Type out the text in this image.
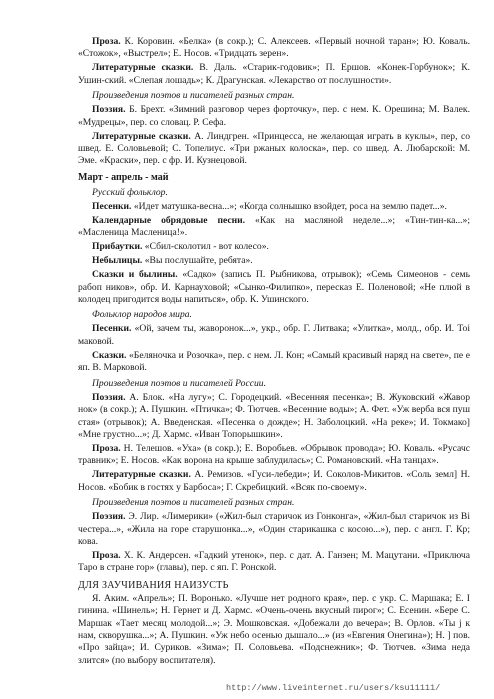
Проза. К. Коровин. «Белка» (в сокр.); С. Алексеев. «Первый ночной таран»; Ю. Коваль. «Стожок», «Выстрел»; Е. Носов. «Тридцать зерен».
Литературные сказки. В. Даль. «Старик-годовик»; П. Ершов. «Конек-Горбунок»; К. Ушин-ский. «Слепая лошадь»; К. Драгунская. «Лекарство от послушности».
Произведения поэтов и писателей разных стран.
Поэзия. Б. Брехт. «Зимний разговор через форточку», пер. с нем. К. Орешина; М. Валек. «Мудрецы», пер. со словац. Р. Сефа.
Литературные сказки. А. Линдгрен. «Принцесса, не желающая играть в куклы», пер, со швед. Е. Соловьевой; С. Топелиус. «Три ржаных колоска», пер. со швед. А. Любарской: М. Эме. «Краски», пер. с фр. И. Кузнецовой.
Март - апрель - май
Русский фольклор.
Песенки. «Идет матушка-весна...»; «Когда солнышко взойдет, роса на землю падет...».
Календарные обрядовые песни. «Как на масляной неделе...»; «Тин-тин-ка...»; «Масленица Масленица!».
Прибаутки. «Сбил-сколотил - вот колесо».
Небылицы. «Вы послушайте, ребята».
Сказки и былины. «Садко» (запись П. Рыбникова, отрывок); «Семь Симеонов - семь рабоп ников», обр. И. Карнауховой; «Сынко-Филипко», пересказ Е. Поленовой; «Не плюй в колодец пригодится воды напиться», обр. К. Ушинского.
Фольклор народов мира.
Песенки. «Ой, зачем ты, жаворонок...», укр., обр. Г. Литвака; «Улитка», молд., обр. И. Toi маковой.
Сказки. «Беляночка и Розочка», пер. с нем. Л. Кон; «Самый красивый наряд на свете», пе е яп. В. Марковой.
Произведения поэтов и писателей России.
Поэзия. А. Блок. «На лугу»; С. Городецкий. «Весенняя песенка»; В. Жуковский «Жавор нок» (в сокр.); А. Пушкин. «Птичка»; Ф. Тютчев. «Весенние воды»; А. Фет. «Уж верба вся пуш стая» (отрывок); А. Введенская. «Песенка о дожде»; Н. Заболоцкий. «На реке»; И. Токмако] «Мне грустно...»; Д. Хармс. «Иван Топорышкин».
Проза. Н. Телешов. «Уха» (в сокр.); Е. Воробьев. «Обрывок провода»; Ю. Коваль. «Русачс травник»; Е. Носов. «Как ворона на крыше заблудилась»; С. Романовский. «На танцах».
Литературные сказки. А. Ремизов. «Гуси-лебеди»; И. Соколов-Микитов. «Соль земл] Н. Носов. «Бобик в гостях у Барбоса»; Г. Скребицкий. «Всяк по-своему».
Произведения поэтов и писателей разных стран.
Поэзия. Э. Лир. «Лимерики» («Жил-был старичок из Гонконга», «Жил-был старичок из Ві честера...», «Жила на горе старушонка...», «Один старикашка с косою...»), пер. с англ. Г. Кр; кова.
Проза. Х. К. Андерсен. «Гадкий утенок», пер. с дат. А. Ганзен; М. Мацутани. «Приключа Таро в стране гор» (главы), пер. с яп. Г. Ронской.
ДЛЯ ЗАУЧИВАНИЯ НАИЗУСТЬ
Я. Аким. «Апрель»; П. Воронько. «Лучше нет родного края», пер. с укр. С. Маршака; Е. I гинина. «Шинель»; Н. Гернет и Д. Хармс. «Очень-очень вкусный пирог»; С. Есенин. «Бере С. Маршак «Тает месяц молодой...»; Э. Мошковская. «Добежали до вечера»; В. Орлов. «Ты j к нам, скворушка...»; А. Пушкин. «Уж небо осенью дышало...» (из «Евгения Онегина»); Н. ] пов. «Про зайца»; И. Суриков. «Зима»; П. Соловьева. «Подснежник»; Ф. Тютчев. «Зима неда злится» (по выбору воспитателя).
http://www.liveinternet.ru/users/ksu11111/
